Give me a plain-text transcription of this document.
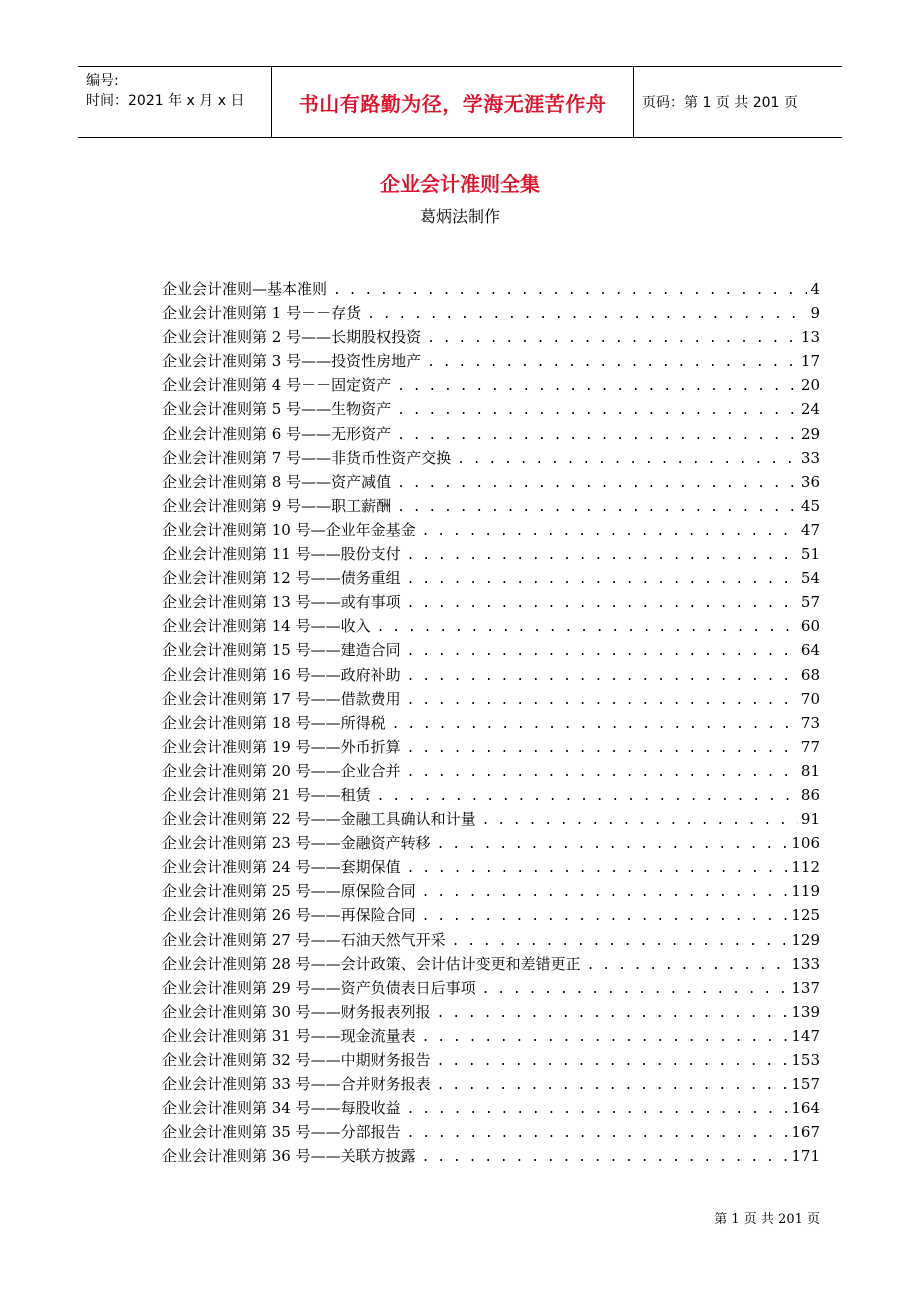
编号:
时间：2021 年 x 月 x 日	书山有路勤为径，学海无涯苦作舟	页码：第 1 页 共 201 页
企业会计准则全集
葛炳法制作
企业会计准则—基本准则 . . .	4
企业会计准则第 1 号－－存货 . . .	9
企业会计准则第 2 号——长期股权投资 . . .	13
企业会计准则第 3 号——投资性房地产 . . .	17
企业会计准则第 4 号－－固定资产 . . .	20
企业会计准则第 5 号——生物资产 . . .	24
企业会计准则第 6 号——无形资产 . . .	29
企业会计准则第 7 号——非货币性资产交换 . . .	33
企业会计准则第 8 号——资产减值 . . .	36
企业会计准则第 9 号——职工薪酬 . . .	45
企业会计准则第 10 号—企业年金基金 . . .	47
企业会计准则第 11 号——股份支付 . . .	51
企业会计准则第 12 号——债务重组 . . .	54
企业会计准则第 13 号——或有事项 . . .	57
企业会计准则第 14 号——收入 . . .	60
企业会计准则第 15 号——建造合同 . . .	64
企业会计准则第 16 号——政府补助 . . .	68
企业会计准则第 17 号——借款费用 . . .	70
企业会计准则第 18 号——所得税 . . .	73
企业会计准则第 19 号——外币折算 . . .	77
企业会计准则第 20 号——企业合并 . . .	81
企业会计准则第 21 号——租赁 . . .	86
企业会计准则第 22 号——金融工具确认和计量 . . .	91
企业会计准则第 23 号——金融资产转移 . . .	106
企业会计准则第 24 号——套期保值 . . .	112
企业会计准则第 25 号——原保险合同 . . .	119
企业会计准则第 26 号——再保险合同 . . .	125
企业会计准则第 27 号——石油天然气开采 . . .	129
企业会计准则第 28 号——会计政策、会计估计变更和差错更正 . . .	133
企业会计准则第 29 号——资产负债表日后事项 . . .	137
企业会计准则第 30 号——财务报表列报 . . .	139
企业会计准则第 31 号——现金流量表 . . .	147
企业会计准则第 32 号——中期财务报告 . . .	153
企业会计准则第 33 号——合并财务报表 . . .	157
企业会计准则第 34 号——每股收益 . . .	164
企业会计准则第 35 号——分部报告 . . .	167
企业会计准则第 36 号——关联方披露 . . .	171
第 1 页 共 201 页
